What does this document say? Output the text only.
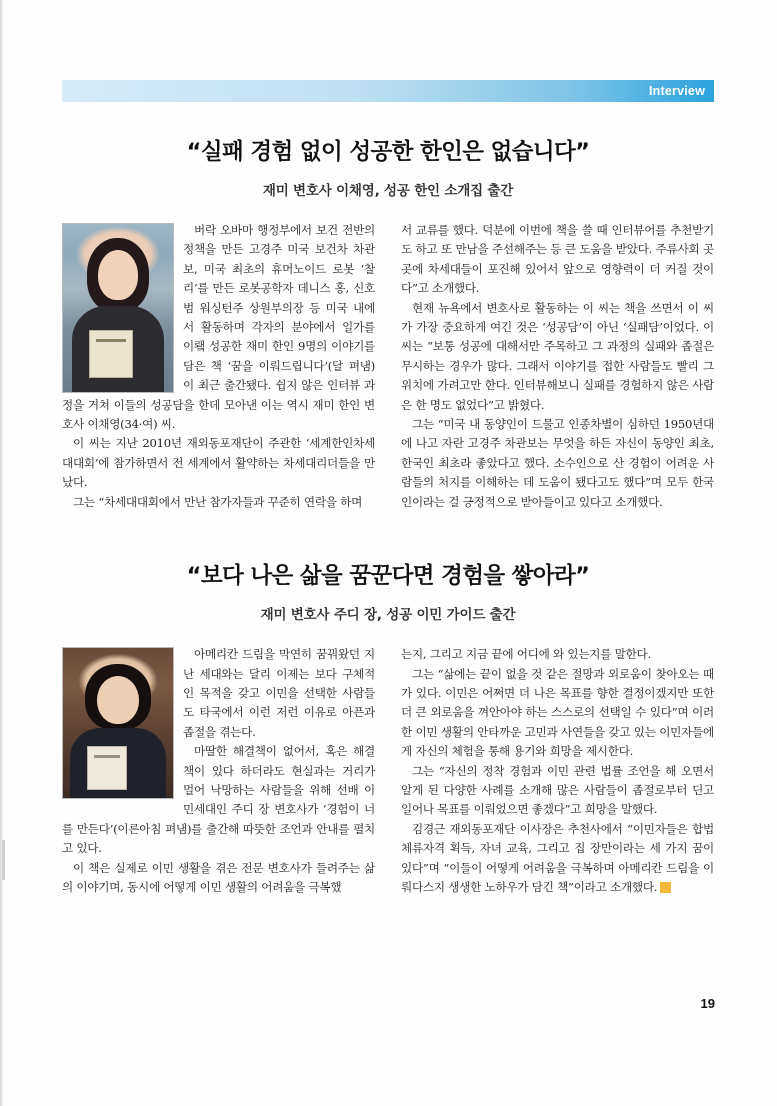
Interview
“실패 경험 없이 성공한 한인은 없습니다”
재미 변호사 이채영, 성공 한인 소개집 출간

버락 오바마 행정부에서 보건 전반의 정책을 만든 고경주 미국 보건차 차관보, 미국 최초의 휴머노이드 로봇 ‘찰리’를 만든 로봇공학자 데니스 홍, 신호범 워싱턴주 상원부의장 등 미국 내에서 활동하며 각자의 분야에서 일가를 이뢬 성공한 재미 한인 9명의 이야기를 담은 책 ‘꿈을 이뤄드립니다’(달 펴냄)이 최근 출간됐다. 쉽지 않은 인터뷰 과정을 거쳐 이들의 성공담을 한데 모아낸 이는 역시 재미 한인 변호사 이채영(34·여) 씨.

이 씨는 지난 2010년 재외동포재단이 주관한 ‘세계한인차세대대회’에 참가하면서 전 세계에서 활약하는 차세대리더들을 만났다.

그는 “차세대대회에서 만난 참가자들과 꾸준히 연락을 하며

서 교류를 했다. 덕분에 이번에 책을 쓸 때 인터뷰어를 추천받기도 하고 또 만남을 주선해주는 등 큰 도움을 받았다. 주류사회 곳곳에 차세대들이 포진해 있어서 앞으로 영향력이 더 커질 것이다”고 소개했다.

현재 뉴욕에서 변호사로 활동하는 이 씨는 책을 쓰면서 이 씨가 가장 중요하게 여긴 것은 ‘성공담’이 아닌 ‘실패담’이었다. 이 씨는 “보통 성공에 대해서만 주목하고 그 과정의 실패와 좁절은 무시하는 경우가 많다. 그래서 이야기를 접한 사람들도 빨리 그 위치에 가려고만 한다. 인터뷰해보니 실패를 경험하지 않은 사람은 한 명도 없었다”고 밝혔다.

그는 “미국 내 동양인이 드물고 인종차별이 심하던 1950년대에 나고 자란 고경주 차관보는 무엇을 하든 자신이 동양인 최초, 한국인 최초라 좋았다고 했다. 소수인으로 산 경험이 어려운 사람들의 처지를 이해하는 데 도움이 됐다고도 했다”며 모두 한국인이라는 걸 긍정적으로 받아들이고 있다고 소개했다.

“보다 나은 삶을 꿈꾼다면 경험을 쌓아라”
재미 변호사 주디 장, 성공 이민 가이드 출간

아메리칸 드림을 막연히 꿈꿔왔던 지난 세대와는 달리 이제는 보다 구체적인 목적을 갖고 이민을 선택한 사람들도 타국에서 이런 저런 이유로 아픈과 좁절을 겪는다.

마딸한 해결책이 없어서, 혹은 해결책이 있다 하더라도 현실과는 거리가 멀어 낙망하는 사람들을 위해 선배 이민세대인 주디 장 변호사가 ‘경험이 너를 만든다’(이른아침 펴냄)를 출간해 따뜻한 조언과 안내를 펼치고 있다.

이 책은 실제로 이민 생활을 겪은 전문 변호사가 들려주는 삶의 이야기며, 동시에 어떻게 이민 생활의 어려움을 극복했

는지, 그리고 지금 끝에 어디에 와 있는지를 말한다.

그는 “삶에는 끝이 없을 것 같은 절망과 외로움이 찾아오는 때가 있다. 이민은 어쩌면 더 나은 목표를 향한 결정이겠지만 또한 더 큰 외로움을 껴안아야 하는 스스로의 선택일 수 있다”며 이러한 이민 생활의 안타까운 고민과 사연들을 갖고 있는 이민자들에게 자신의 체험을 통해 용기와 희망을 제시한다.

그는 “자신의 정착 경험과 이민 관련 법률 조언을 해 오면서 알게 된 다양한 사례를 소개해 많은 사람들이 좁절로부터 딘고 일어나 목표를 이뤄었으면 좋겠다”고 희망을 말했다.

김경근 재외동포재단 이사장은 추천사에서 “이민자들은 합법 체류자격 획득, 자녀 교육, 그리고 집 장만이라는 세 가지 꿈이 있다”며 “이들이 어떻게 어려움을 극복하며 아메리칸 드림을 이뤄다스지 생생한 노하우가 담긴 책”이라고 소개했다. ›

19
